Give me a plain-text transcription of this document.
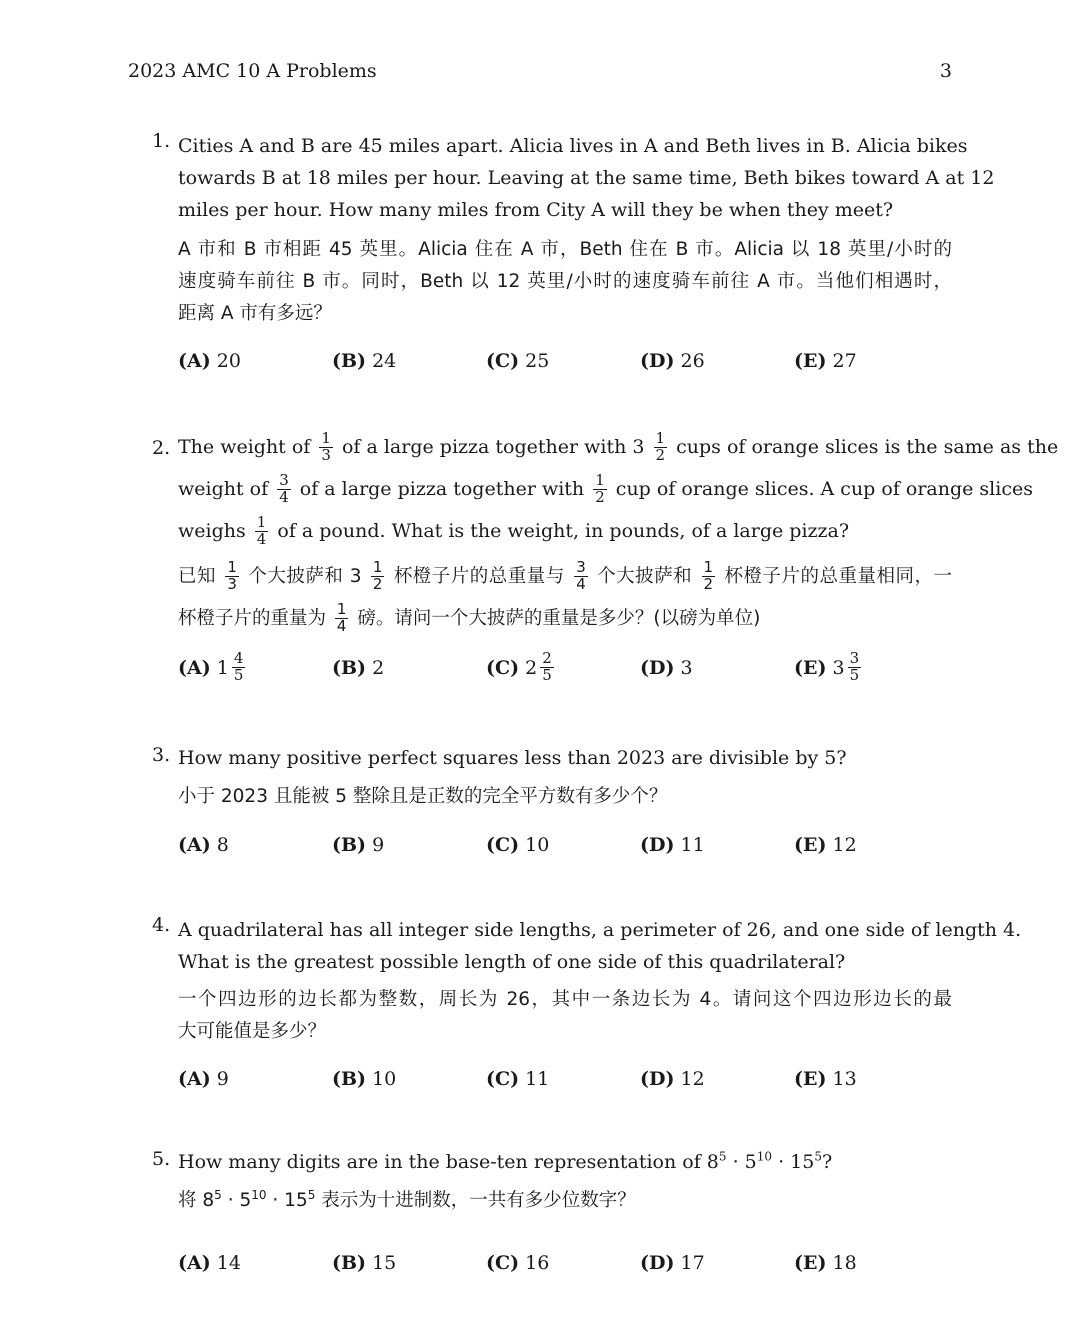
2023 AMC 10 A Problems	3
1. Cities A and B are 45 miles apart. Alicia lives in A and Beth lives in B. Alicia bikes
towards B at 18 miles per hour. Leaving at the same time, Beth bikes toward A at 12
miles per hour. How many miles from City A will they be when they meet?
A 市和 B 市相距 45 英里。Alicia 住在 A 市，Beth 住在 B 市。Alicia 以 18 英里/小时的
速度骑车前往 B 市。同时，Beth 以 12 英里/小时的速度骑车前往 A 市。当他们相遇时，
距离 A 市有多远？
(A)
20	(B)
24	(C)
25	(D)
26	(E)
27
2. The weight of $\frac{1}{3}$ of a large pizza together with $3 \frac{1}{2}$ cups of orange slices is the same as the
weight of $\frac{3}{4}$ of a large pizza together with $\frac{1}{2}$ cup of orange slices. A cup of orange slices
weighs $\frac{1}{4}$ of a pound. What is the weight, in pounds, of a large pizza?
已知 $\frac{1}{3}$ 个大披萨和 $3 \frac{1}{2}$ 杯橙子片的总重量与 $\frac{3}{4}$ 个大披萨和 $\frac{1}{2}$ 杯橙子片的总重量相同，一
杯橙子片的重量为 $\frac{1}{4}$ 磅。请问一个大披萨的重量是多少？(以磅为单位)
(A)
$1 \frac{4}{5}$	(B)
2	(C)
$2 \frac{2}{5}$	(D)
3	(E)
$3 \frac{3}{5}$
3. How many positive perfect squares less than 2023 are divisible by 5?
小于 2023 且能被 5 整除且是正数的完全平方数有多少个？
(A)
8	(B)
9	(C)
10	(D)
11	(E)
12
4. A quadrilateral has all integer side lengths, a perimeter of 26, and one side of length 4.
What is the greatest possible length of one side of this quadrilateral?
一个四边形的边长都为整数，周长为 26，其中一条边长为 4。请问这个四边形边长的最
大可能值是多少？
(A)
9	(B)
10	(C)
11	(D)
12	(E)
13
5. How many digits are in the base-ten representation of $8^5 \cdot 5^{10} \cdot 15^5$?
将 $8^5 \cdot 5^{10} \cdot 15^5$ 表示为十进制数，一共有多少位数字？
(A)
14	(B)
15	(C)
16	(D)
17	(E)
18
